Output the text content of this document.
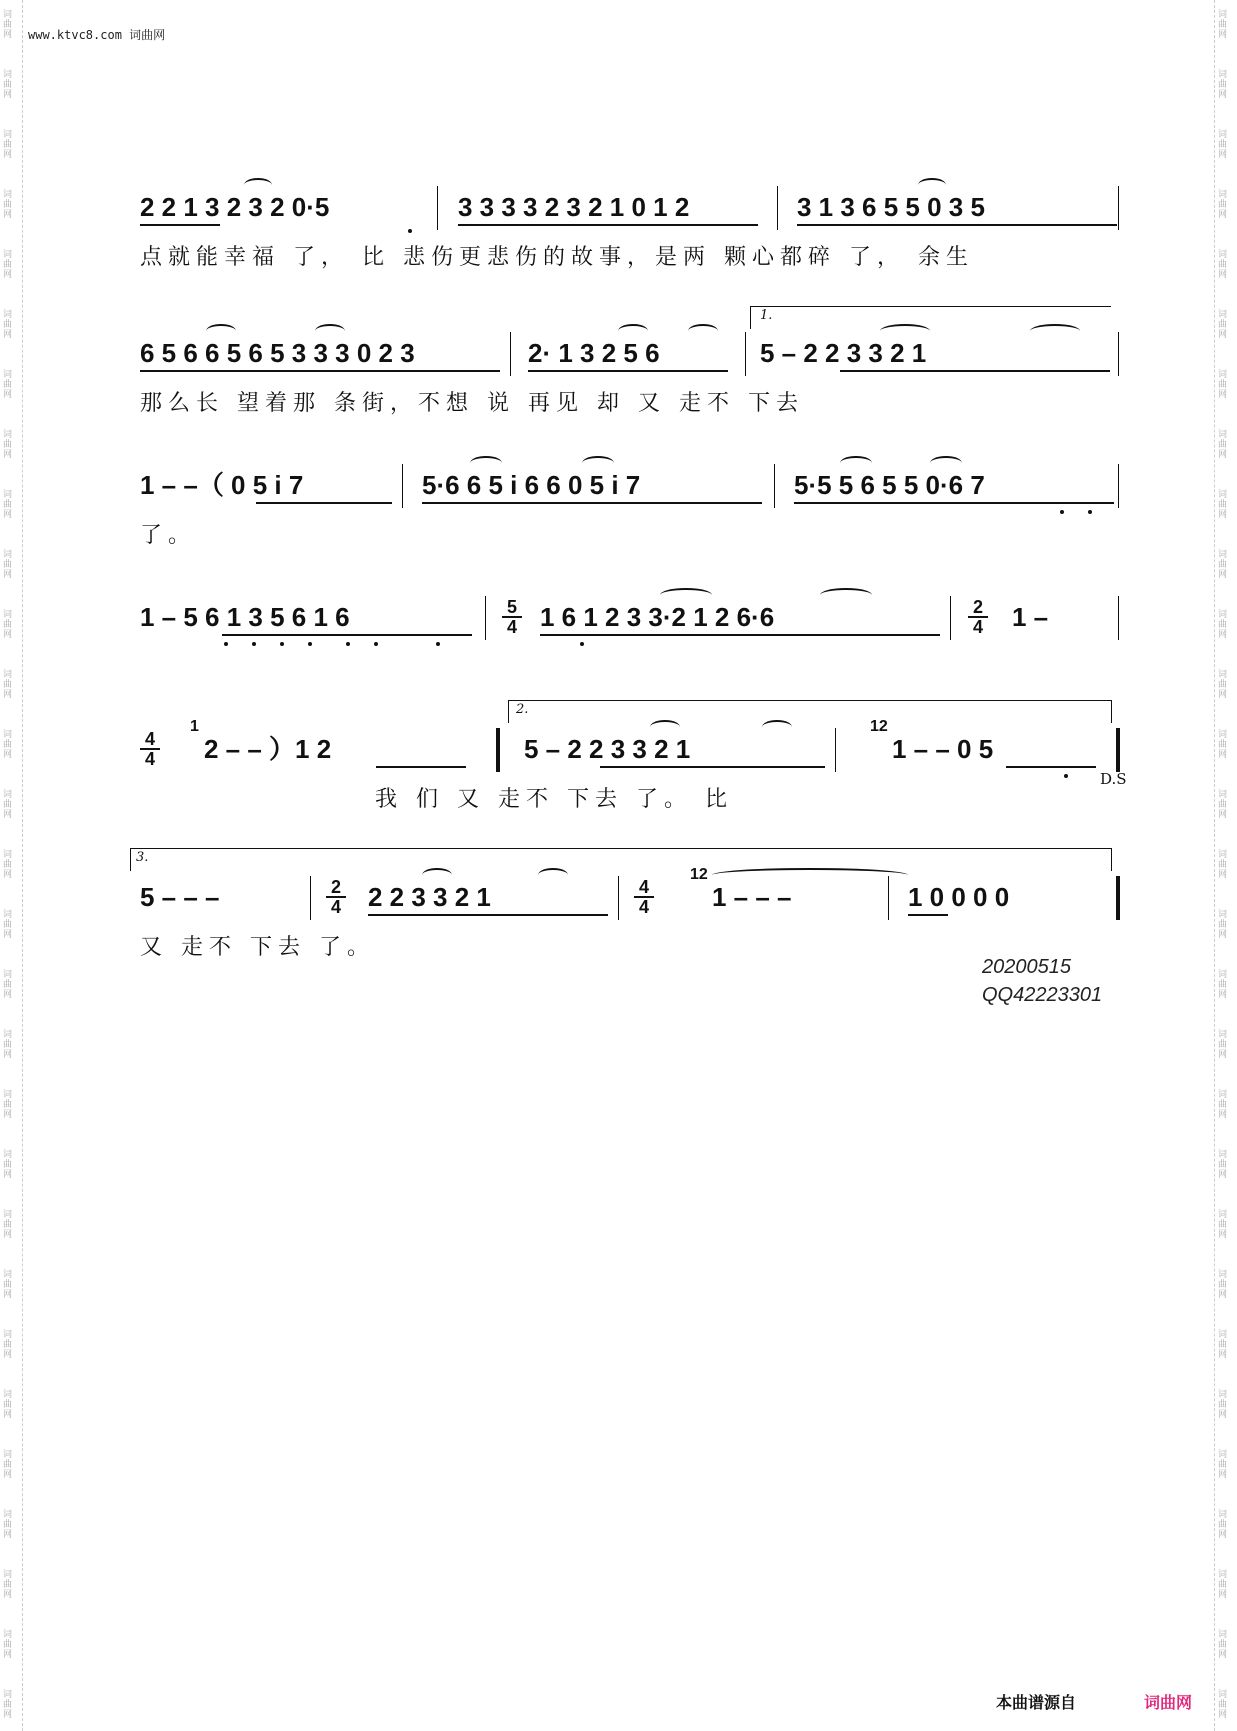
词
曲
网
词
曲
网
词
曲
网
词
曲
网
词
曲
网
词
曲
网
词
曲
网
词
曲
网
词
曲
网
词
曲
网
词
曲
网
词
曲
网
词
曲
网
词
曲
网
词
曲
网
词
曲
网
词
曲
网
词
曲
网
词
曲
网
词
曲
网
词
曲
网
词
曲
网
词
曲
网
词
曲
网
词
曲
网
词
曲
网
词
曲
网
词
曲
网
词
曲
网
词
曲
网
词
曲
网
词
曲
网
词
曲
网
词
曲
网
词
曲
网
词
曲
网
词
曲
网
词
曲
网
词
曲
网
词
曲
网
词
曲
网
词
曲
网
词
曲
网
词
曲
网
词
曲
网
词
曲
网
词
曲
网
词
曲
网
词
曲
网
词
曲
网
词
曲
网
词
曲
网
词
曲
网
词
曲
网
词
曲
网
词
曲
网
词
曲
网
词
曲
网
www.ktvc8.com 词曲网
2 2 1 3 2 3 2 0·5	3 3 3 3 2 3 2 1 0 1 2	3 1 3 6 5 5 0 3 5
点就能幸福 了， 比 悲伤更悲伤的故事，是两 颗心都碎 了， 余生
1.
6 5 6 6 5 6 5 3 3 3 0 2 3	2· 1 3 2 5 6	5 – 2 2 3 3 2 1
那么长 望着那 条街，不想 说 再见 却 又 走不 下去
1 – –（ 0 5 i 7	5·6 6 5 i 6 6 0 5 i 7	5·5 5 6 5 5 0·6 7
了。
1 – 5 6 1 3 5 6 1 6	5
4 1 6 1 2 3 3·2 1 2 6·6	2
4 1 –
2.
4
4
1
2 – – ）1 2	5 – 2 2 3 3 2 1
12
1 – – 0 5
D.S
我 们 又 走不 下去 了。 比
3.
5 – – –	2
4 2 2 3 3 2 1	4
4
12
1 – – –	1 0 0 0 0
又 走不 下去 了。
20200515
QQ42223301
本曲谱源自	词曲网
